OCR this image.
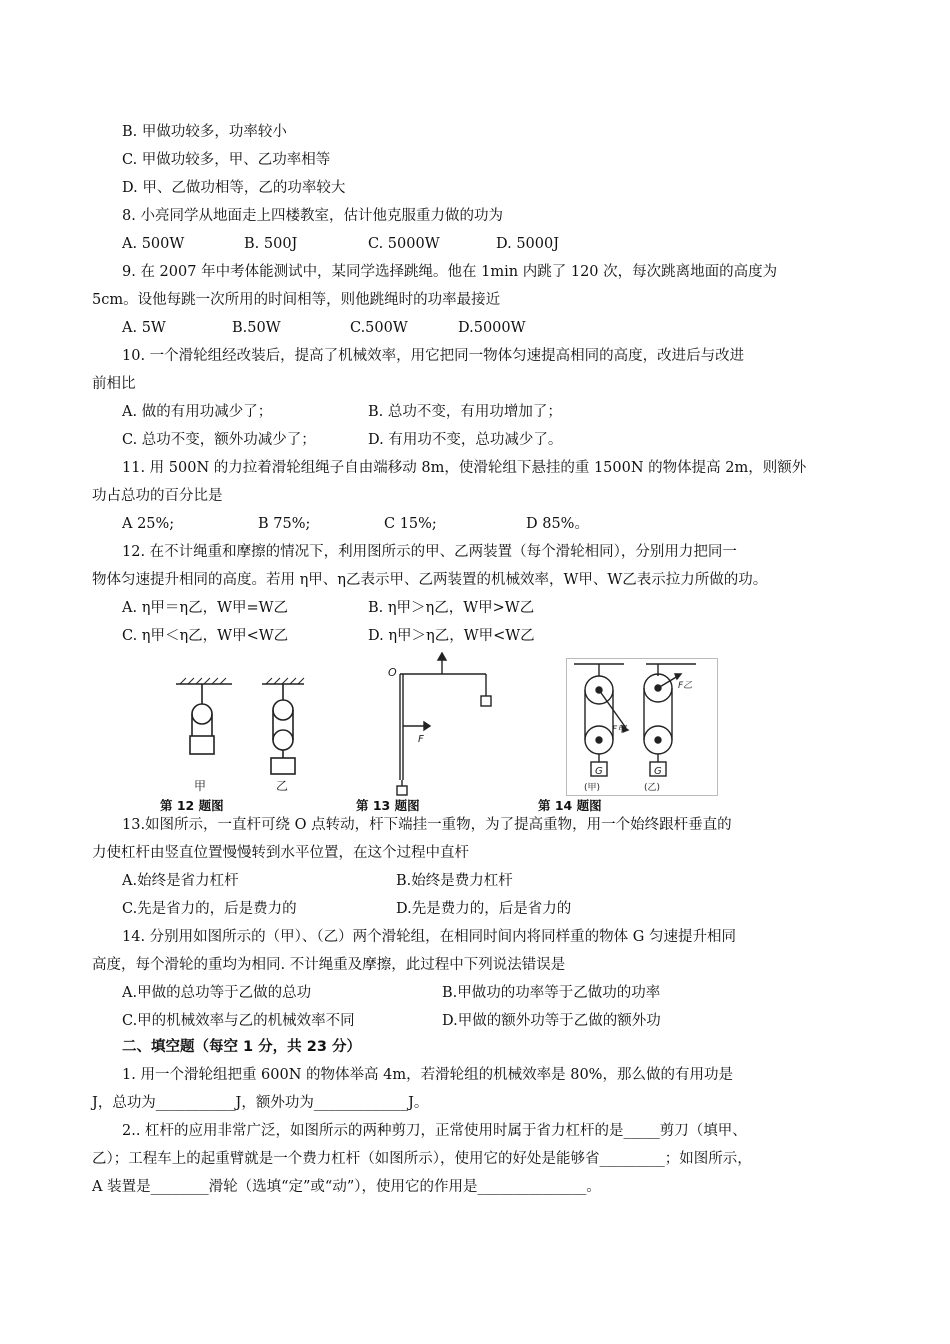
B. 甲做功较多，功率较小
C. 甲做功较多，甲、乙功率相等
D. 甲、乙做功相等，乙的功率较大
8. 小亮同学从地面走上四楼教室，估计他克服重力做的功为
A. 500W	B. 500J	C. 5000W	D. 5000J
9. 在 2007 年中考体能测试中，某同学选择跳绳。他在 1min 内跳了 120 次，每次跳离地面的高度为
5cm。设他每跳一次所用的时间相等，则他跳绳时的功率最接近
A. 5W	B.50W	C.500W	D.5000W
10. 一个滑轮组经改装后，提高了机械效率，用它把同一物体匀速提高相同的高度，改进后与改进
前相比
A. 做的有用功减少了；	B. 总功不变，有用功增加了；
C. 总功不变，额外功减少了；	D. 有用功不变，总功减少了。
11. 用 500N 的力拉着滑轮组绳子自由端移动 8m，使滑轮组下悬挂的重 1500N 的物体提高 2m，则额外
功占总功的百分比是
A 25%;	B 75%;	C 15%;	D 85%。
12. 在不计绳重和摩擦的情况下，利用图所示的甲、乙两装置（每个滑轮相同），分别用力把同一
物体匀速提升相同的高度。若用 η甲、η乙表示甲、乙两装置的机械效率，W甲、W乙表示拉力所做的功。
A. η甲＝η乙，W甲=W乙	B. η甲＞η乙，W甲>W乙
C. η甲＜η乙，W甲<W乙	D. η甲＞η乙，W甲<W乙
甲	乙
第 12 题图
O
F
第 13 题图
G	G
F甲
F乙
(甲)	(乙)
第 14 题图
13.如图所示，一直杆可绕 O 点转动，杆下端挂一重物，为了提高重物，用一个始终跟杆垂直的
力使杠杆由竖直位置慢慢转到水平位置，在这个过程中直杆
A.始终是省力杠杆	B.始终是费力杠杆
C.先是省力的，后是费力的	D.先是费力的，后是省力的
14. 分别用如图所示的（甲）、（乙）两个滑轮组，在相同时间内将同样重的物体 G 匀速提升相同
高度，每个滑轮的重均为相同. 不计绳重及摩擦，此过程中下列说法错误是
A.甲做的总功等于乙做的总功	B.甲做功的功率等于乙做功的功率
C.甲的机械效率与乙的机械效率不同	D.甲做的额外功等于乙做的额外功
二、填空题（每空 1 分，共 23 分）
1. 用一个滑轮组把重 600N 的物体举高 4m，若滑轮组的机械效率是 80%，那么做的有用功是
J，总功为___________J，额外功为_____________J。
2.. 杠杆的应用非常广泛，如图所示的两种剪刀，正常使用时属于省力杠杆的是_____剪刀（填甲、
乙）；工程车上的起重臂就是一个费力杠杆（如图所示），使用它的好处是能够省_________；如图所示，
A 装置是________滑轮（选填“定”或“动”），使用它的作用是_______________。
